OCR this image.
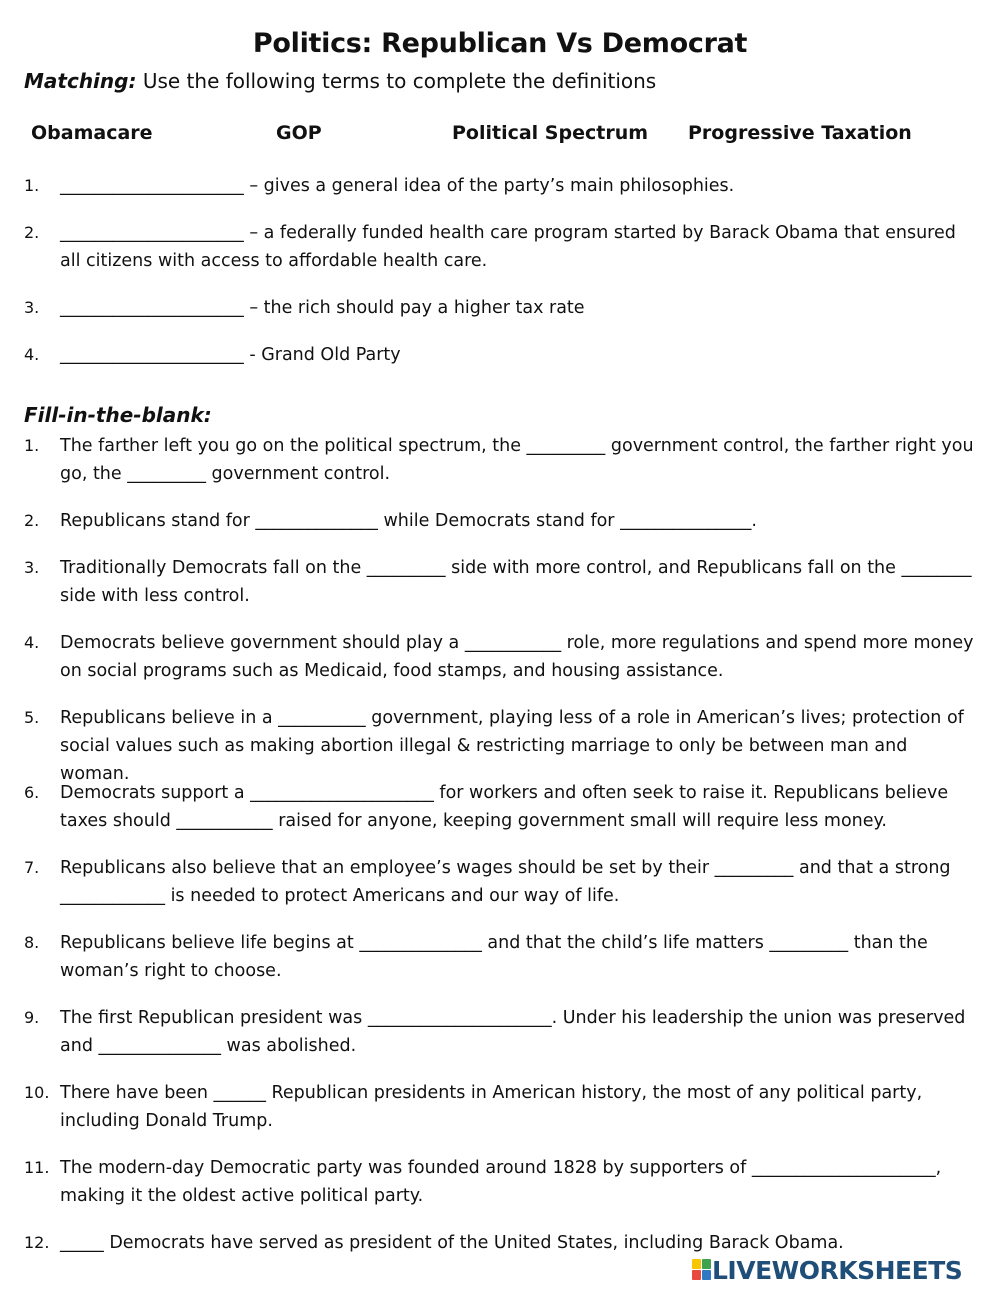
Politics: Republican Vs Democrat
Matching: Use the following terms to complete the definitions
Obamacare	GOP	Political Spectrum Progressive Taxation
1.	_____________________ – gives a general idea of the party’s main philosophies.
2.	_____________________ – a federally funded health care program started by Barack Obama that ensured all citizens with access to affordable health care.
3.	_____________________ – the rich should pay a higher tax rate
4.	_____________________ - Grand Old Party
Fill-in-the-blank:
1.	The farther left you go on the political spectrum, the _________ government control, the farther right you go, the _________ government control.
2.	Republicans stand for ______________ while Democrats stand for _______________.
3.	Traditionally Democrats fall on the _________ side with more control, and Republicans fall on the ________ side with less control.
4.	Democrats believe government should play a ___________ role, more regulations and spend more money on social programs such as Medicaid, food stamps, and housing assistance.
5.	Republicans believe in a __________ government, playing less of a role in American’s lives; protection of social values such as making abortion illegal & restricting marriage to only be between man and woman.
6.	Democrats support a _____________________ for workers and often seek to raise it. Republicans believe taxes should ___________ raised for anyone, keeping government small will require less money.
7.	Republicans also believe that an employee’s wages should be set by their _________ and that a strong ____________ is needed to protect Americans and our way of life.
8.	Republicans believe life begins at ______________ and that the child’s life matters _________ than the woman’s right to choose.
9.	The first Republican president was _____________________. Under his leadership the union was preserved and ______________ was abolished.
10. There have been ______ Republican presidents in American history, the most of any political party, including Donald Trump.
11. The modern-day Democratic party was founded around 1828 by supporters of _____________________, making it the oldest active political party.
12. _____ Democrats have served as president of the United States, including Barack Obama.
LIVEWORKSHEETS
